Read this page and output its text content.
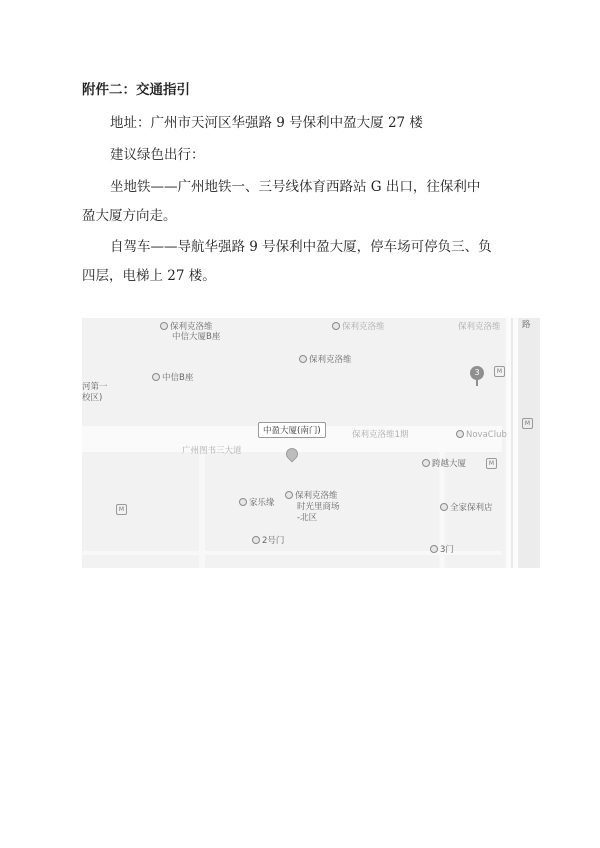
附件二：交通指引
地址：广州市天河区华强路 9 号保利中盈大厦 27 楼
建议绿色出行：
坐地铁——广州地铁一、三号线体育西路站 G 出口，往保利中
盈大厦方向走。
自驾车——导航华强路 9 号保利中盈大厦，停车场可停负三、负
四层，电梯上 27 楼。
保利克洛维
中信大厦B座
保利克洛维	保利克洛维
保利克洛维
中信B座
河第一
校区)
3	M
路
M
中盈大厦(南门)
广州图书三大道
保利克洛维1期	NovaClub
跨越大厦	M
家乐缘
保利克洛维
时光里商场
-北区
全家保利店
M
2号门
3门
